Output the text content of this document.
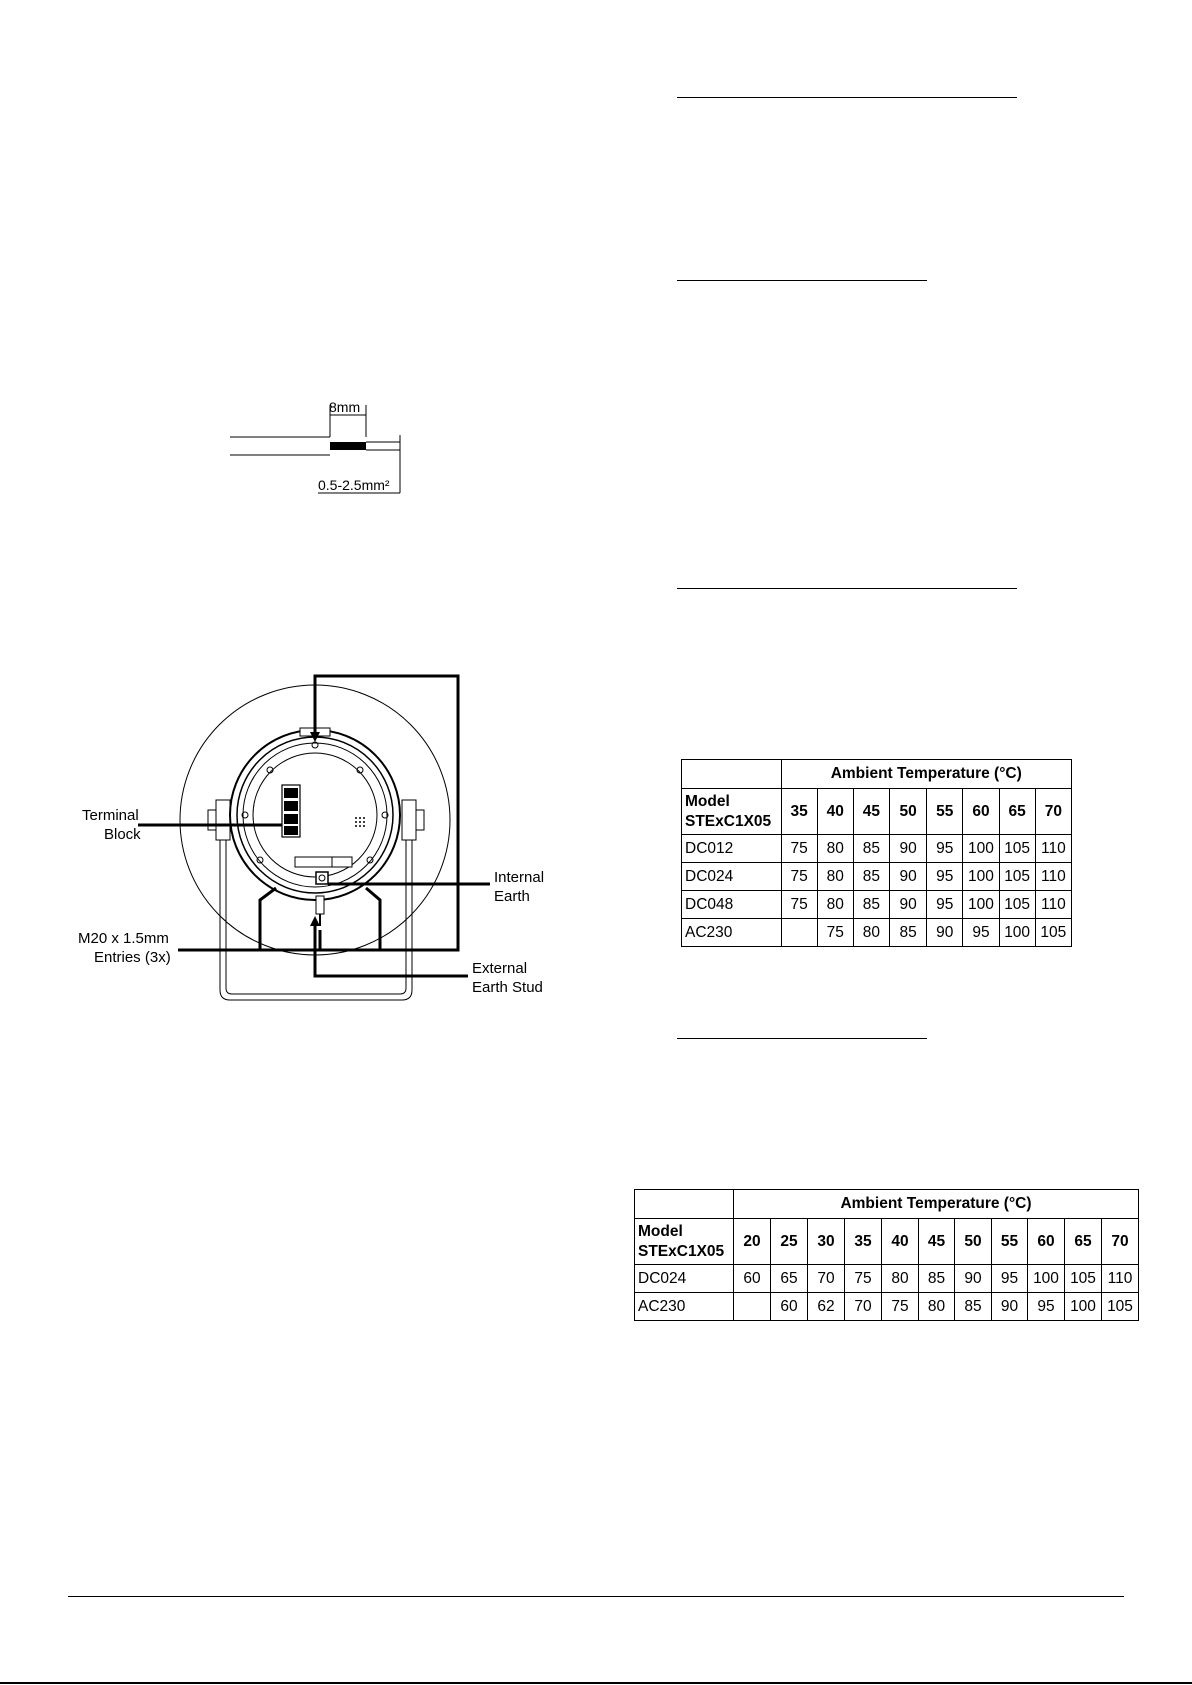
8mm
0.5-2.5mm²
Terminal
Block
Internal
Earth
M20 x 1.5mm
Entries (3x)
External
Earth Stud
	Ambient Temperature (°C)							
Model
STExC1X05	35	40	45	50	55	60	65	70
DC012	75	80	85	90	95	100	105	110
DC024	75	80	85	90	95	100	105	110
DC048	75	80	85	90	95	100	105	110
AC230		75	80	85	90	95	100	105
	Ambient Temperature (°C)										
Model
STExC1X05	20	25	30	35	40	45	50	55	60	65	70
DC024	60	65	70	75	80	85	90	95	100	105	110
AC230		60	62	70	75	80	85	90	95	100	105
